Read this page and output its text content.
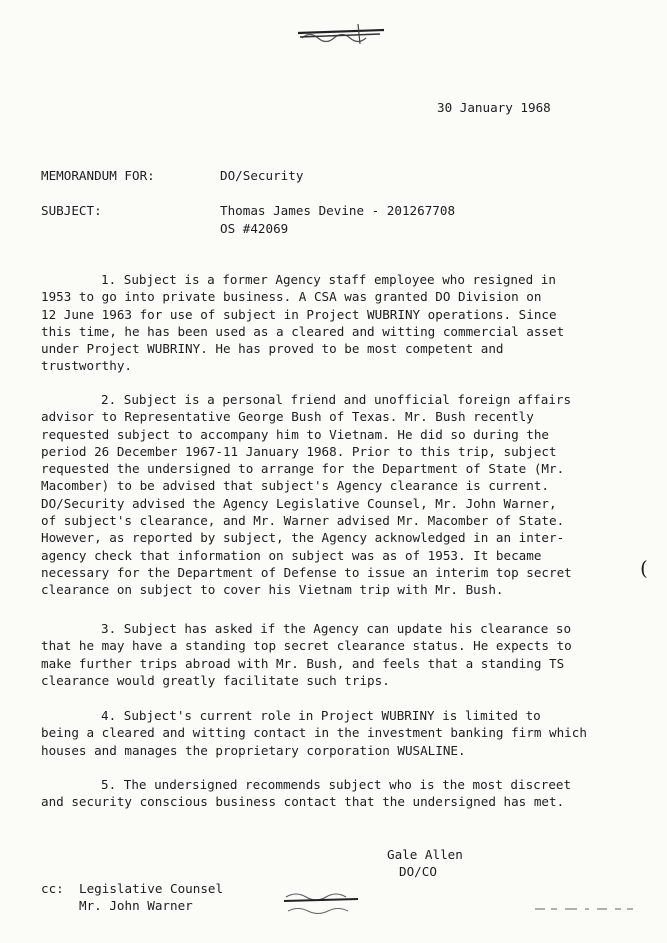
30 January 1968
MEMORANDUM FOR:	DO/Security
SUBJECT:	Thomas James Devine - 201267708
OS #42069
1. Subject is a former Agency staff employee who resigned in
1953 to go into private business. A CSA was granted DO Division on
12 June 1963 for use of subject in Project WUBRINY operations. Since
this time, he has been used as a cleared and witting commercial asset
under Project WUBRINY. He has proved to be most competent and
trustworthy.
2. Subject is a personal friend and unofficial foreign affairs
advisor to Representative George Bush of Texas. Mr. Bush recently
requested subject to accompany him to Vietnam. He did so during the
period 26 December 1967-11 January 1968. Prior to this trip, subject
requested the undersigned to arrange for the Department of State (Mr.
Macomber) to be advised that subject's Agency clearance is current.
DO/Security advised the Agency Legislative Counsel, Mr. John Warner,
of subject's clearance, and Mr. Warner advised Mr. Macomber of State.
However, as reported by subject, the Agency acknowledged in an inter-
agency check that information on subject was as of 1953. It became
necessary for the Department of Defense to issue an interim top secret
clearance on subject to cover his Vietnam trip with Mr. Bush.
3. Subject has asked if the Agency can update his clearance so
that he may have a standing top secret clearance status. He expects to
make further trips abroad with Mr. Bush, and feels that a standing TS
clearance would greatly facilitate such trips.
4. Subject's current role in Project WUBRINY is limited to
being a cleared and witting contact in the investment banking firm which
houses and manages the proprietary corporation WUSALINE.
5. The undersigned recommends subject who is the most discreet
and security conscious business contact that the undersigned has met.
Gale Allen
DO/CO
cc: Legislative Counsel
Mr. John Warner
(
